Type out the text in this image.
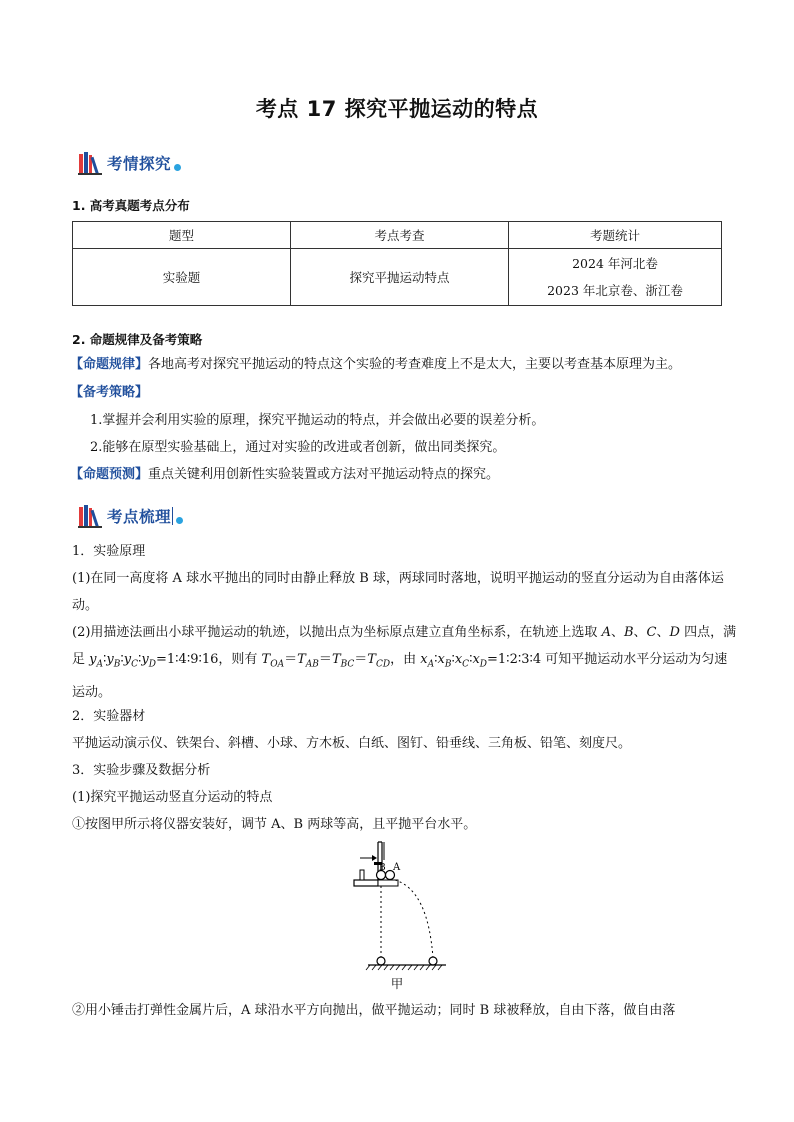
考点 17 探究平抛运动的特点
考情探究
1. 高考真题考点分布
题型	考点考查	考题统计
实验题	探究平抛运动特点	2024 年河北卷
2023 年北京卷、浙江卷
2. 命题规律及备考策略
【命题规律】各地高考对探究平抛运动的特点这个实验的考查难度上不是太大，主要以考查基本原理为主。
【备考策略】
1.掌握并会利用实验的原理，探究平抛运动的特点，并会做出必要的误差分析。
2.能够在原型实验基础上，通过对实验的改进或者创新，做出同类探究。
【命题预测】重点关键利用创新性实验装置或方法对平抛运动特点的探究。
考点梳理
1．实验原理
(1)在同一高度将 A 球水平抛出的同时由静止释放 B 球，两球同时落地，说明平抛运动的竖直分运动为自由落体运动。
(2)用描迹法画出小球平抛运动的轨迹，以抛出点为坐标原点建立直角坐标系，在轨迹上选取 A、B、C、D 四点，满足 $y_A∶y_B∶y_C∶y_D=1∶4∶9∶16$，则有 $T_{OA}=T_{AB}=T_{BC}=T_{CD}$，由 $x_A∶x_B∶x_C∶x_D=1∶2∶3∶4$ 可知平抛运动水平分运动为匀速运动。
2．实验器材
平抛运动演示仪、铁架台、斜槽、小球、方木板、白纸、图钉、铅垂线、三角板、铅笔、刻度尺。
3．实验步骤及数据分析
(1)探究平抛运动竖直分运动的特点
①按图甲所示将仪器安装好，调节 A、B 两球等高，且平抛平台水平。
B A
甲
②用小锤击打弹性金属片后，A 球沿水平方向抛出，做平抛运动；同时 B 球被释放，自由下落，做自由落
